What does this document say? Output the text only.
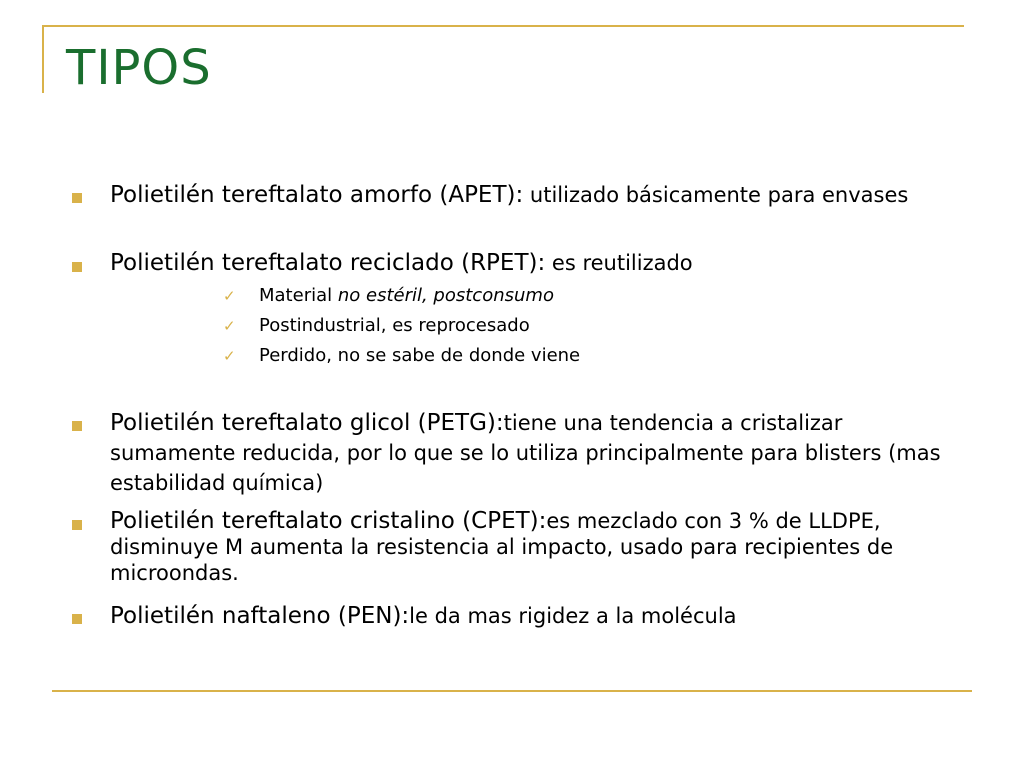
TIPOS
Polietilén tereftalato amorfo (APET): utilizado básicamente para envases
Polietilén tereftalato reciclado (RPET): es reutilizado
✓	Material
no estéril, postconsumo
✓	Postindustrial, es reprocesado
✓	Perdido, no se sabe de donde viene
Polietilén tereftalato glicol (PETG):tiene una tendencia a cristalizar sumamente reducida, por lo que se lo utiliza principalmente para blisters (mas estabilidad química)
Polietilén tereftalato cristalino (CPET):es mezclado con 3 % de LLDPE, disminuye M aumenta la resistencia al impacto, usado para recipientes de microondas.
Polietilén naftaleno (PEN):le da mas rigidez a la molécula
